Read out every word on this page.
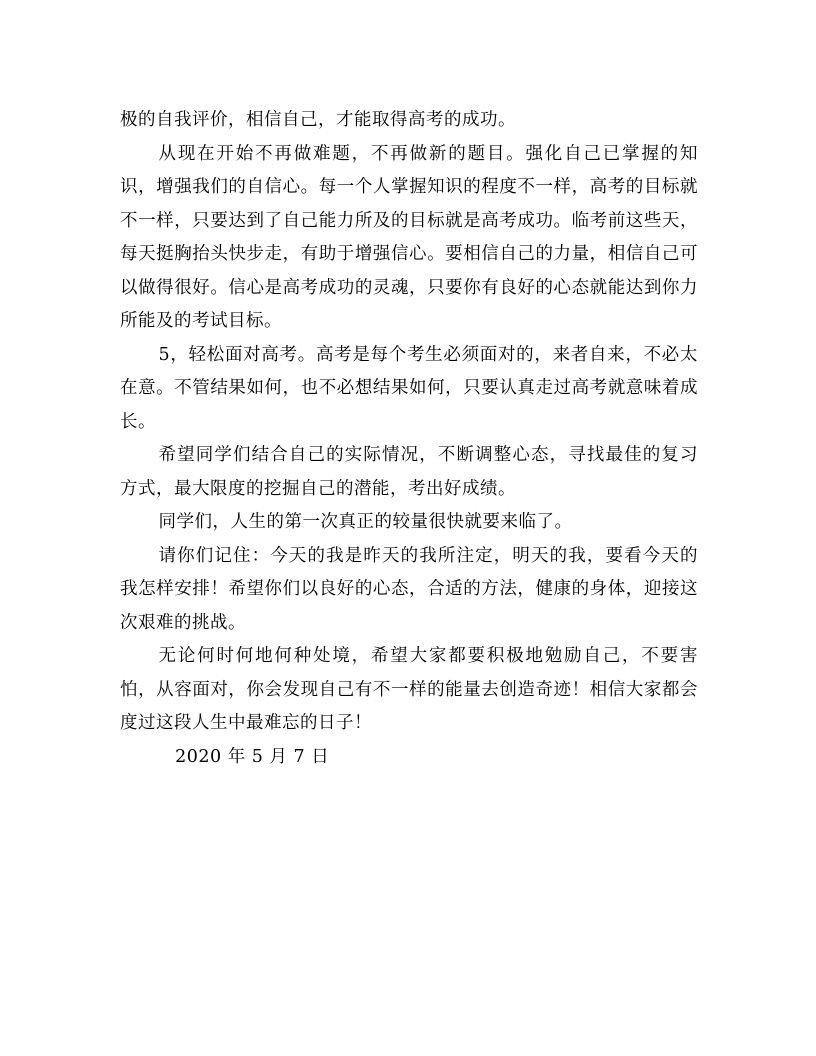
极的自我评价，相信自己，才能取得高考的成功。

从现在开始不再做难题，不再做新的题目。强化自己已掌握的知识，增强我们的自信心。每一个人掌握知识的程度不一样，高考的目标就不一样，只要达到了自己能力所及的目标就是高考成功。临考前这些天，每天挺胸抬头快步走，有助于增强信心。要相信自己的力量，相信自己可以做得很好。信心是高考成功的灵魂，只要你有良好的心态就能达到你力所能及的考试目标。

5，轻松面对高考。高考是每个考生必须面对的，来者自来，不必太在意。不管结果如何，也不必想结果如何，只要认真走过高考就意味着成长。

希望同学们结合自己的实际情况，不断调整心态，寻找最佳的复习方式，最大限度的挖掘自己的潜能，考出好成绩。

同学们，人生的第一次真正的较量很快就要来临了。

请你们记住：今天的我是昨天的我所注定，明天的我，要看今天的我怎样安排！希望你们以良好的心态，合适的方法，健康的身体，迎接这次艰难的挑战。

无论何时何地何种处境，希望大家都要积极地勉励自己，不要害怕，从容面对，你会发现自己有不一样的能量去创造奇迹！相信大家都会度过这段人生中最难忘的日子！

2020 年 5 月 7 日
